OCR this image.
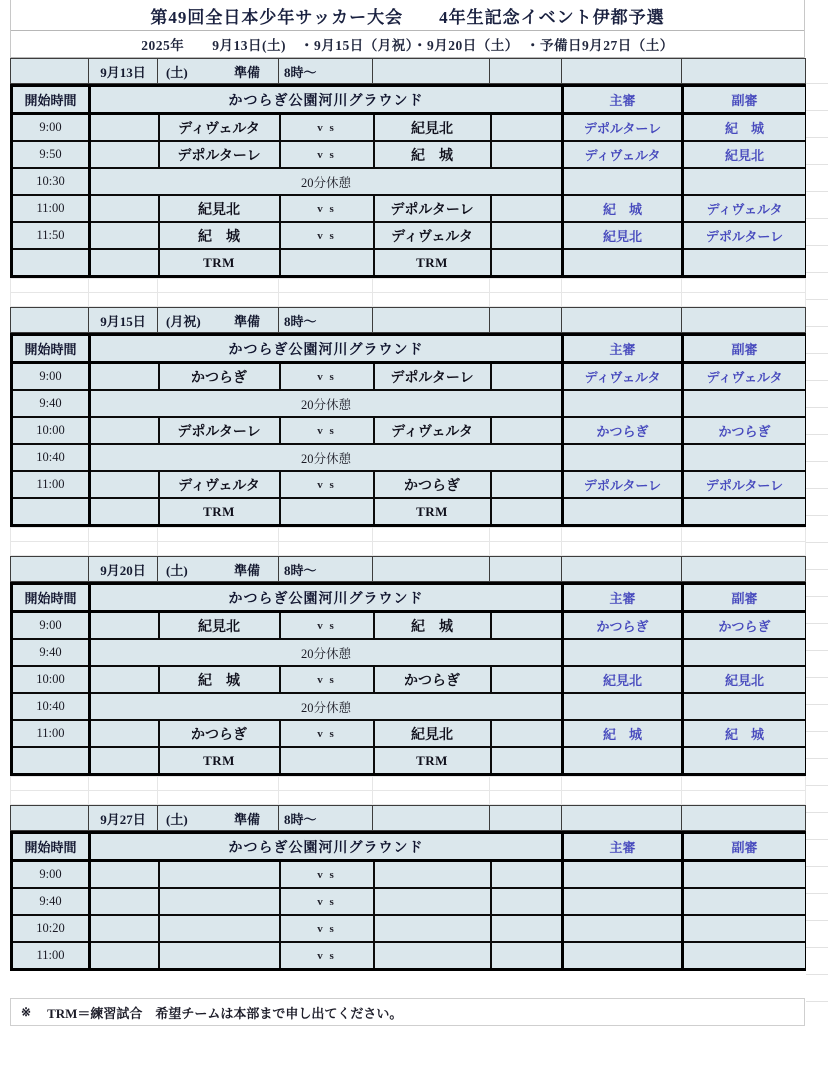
第49回全日本少年サッカー大会　　4年生記念イベント伊都予選
2025年　　9月13日(土)　・9月15日（月祝）・9月20日（土）　・予備日9月27日（土）
	9月13日	(土)	準備	8時〜				
開始時間	かつらぎ公園河川グラウンド					主審	副審
9:00		ディヴェルタ	v s	紀見北		デポルターレ	紀　城
9:50		デポルターレ	v s	紀　城		ディヴェルタ	紀見北
10:30	20分休憩						
11:00		紀見北	v s	デポルターレ		紀　城	ディヴェルタ
11:50		紀　城	v s	ディヴェルタ		紀見北	デポルターレ
		TRM		TRM			

	9月15日	(月祝)	準備	8時〜				
開始時間	かつらぎ公園河川グラウンド					主審	副審
9:00		かつらぎ	v s	デポルターレ		ディヴェルタ	ディヴェルタ
9:40	20分休憩						
10:00		デポルターレ	v s	ディヴェルタ		かつらぎ	かつらぎ
10:40	20分休憩						
11:00		ディヴェルタ	v s	かつらぎ		デポルターレ	デポルターレ
		TRM		TRM			

	9月20日	(土)	準備	8時〜				
開始時間	かつらぎ公園河川グラウンド					主審	副審
9:00		紀見北	v s	紀　城		かつらぎ	かつらぎ
9:40	20分休憩						
10:00		紀　城	v s	かつらぎ		紀見北	紀見北
10:40	20分休憩						
11:00		かつらぎ	v s	紀見北		紀　城	紀　城
		TRM		TRM			

	9月27日	(土)	準備	8時〜				
開始時間	かつらぎ公園河川グラウンド					主審	副審
9:00			v s				
9:40			v s				
10:20			v s				
11:00			v s				
※ TRM＝練習試合　希望チームは本部まで申し出てください。
